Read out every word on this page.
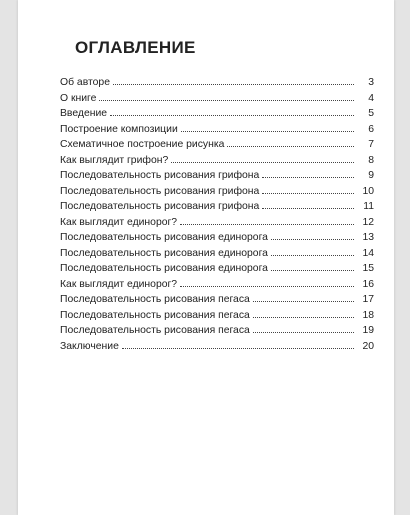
ОГЛАВЛЕНИЕ
Об авторе	3
О книге	4
Введение	5
Построение композиции	6
Схематичное построение рисунка	7
Как выглядит грифон?	8
Последовательность рисования грифона	9
Последовательность рисования грифона	10
Последовательность рисования грифона	11
Как выглядит единорог?	12
Последовательность рисования единорога	13
Последовательность рисования единорога	14
Последовательность рисования единорога	15
Как выглядит единорог?	16
Последовательность рисования пегаса	17
Последовательность рисования пегаса	18
Последовательность рисования пегаса	19
Заключение	20
